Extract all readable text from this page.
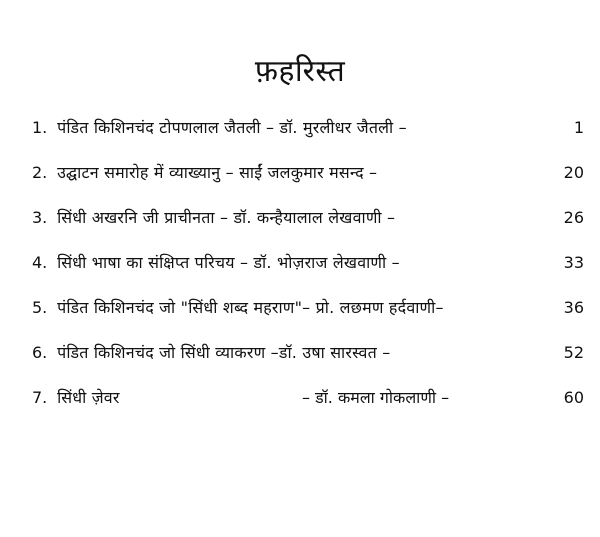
फ़हरिस्त
1. पंडित किशिनचंद टोपणलाल जैतली – डॉ. मुरलीधर जैतली –	1
2. उद्घाटन समारोह में व्याख्यानु – साईं जलकुमार मसन्द –	20
3. सिंधी अखरनि जी प्राचीनता – डॉ. कन्हैयालाल लेखवाणी –	26
4. सिंधी भाषा का संक्षिप्त परिचय – डॉ. भोज़राज लेखवाणी –	33
5. पंडित किशिनचंद जो "सिंधी शब्द महराण"– प्रो. लछमण हर्दवाणी–	36
6. पंडित किशिनचंद जो सिंधी व्याकरण –डॉ. उषा सारस्वत –	52
7. सिंधी ज़ेवर	– डॉ. कमला गोकलाणी –	60
